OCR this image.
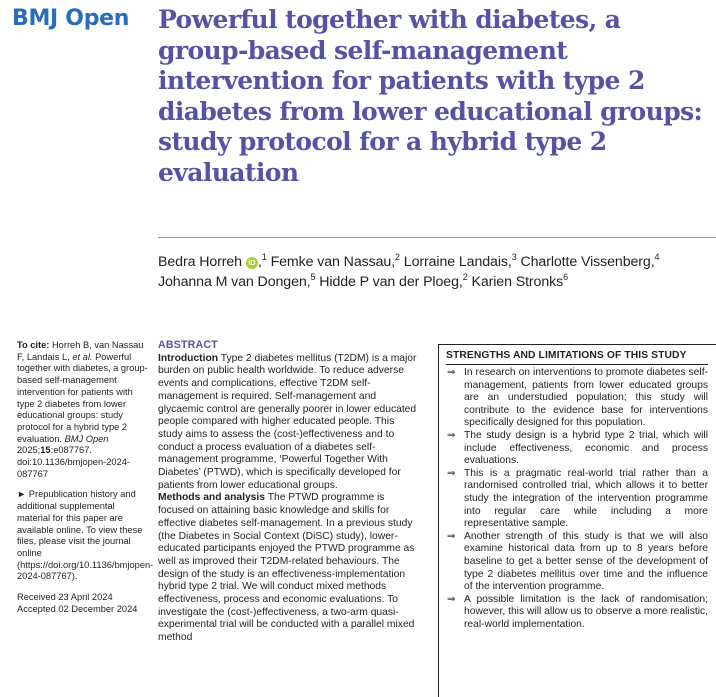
BMJ Open Powerful together with diabetes, a group-based self-management intervention for patients with type 2 diabetes from lower educational groups: study protocol for a hybrid type 2 evaluation
Bedra Horreh iD ,$^1$ Femke van Nassau,$^2$ Lorraine Landais,$^3$ Charlotte Vissenberg,$^4$
Johanna M van Dongen,$^5$ Hidde P van der Ploeg,$^2$ Karien Stronks$^6$

To cite: Horreh B, van Nassau F, Landais L, et al. Powerful together with diabetes, a group-based self-management intervention for patients with type 2 diabetes from lower educational groups: study protocol for a hybrid type 2 evaluation. BMJ Open 2025;15:e087767. doi:10.1136/bmjopen-2024-087767

► Prepublication history and additional supplemental material for this paper are available online. To view these files, please visit the journal online (https://doi.org/10.1136/bmjopen-2024-087767).

Received 23 April 2024
Accepted 02 December 2024
ABSTRACT
Introduction Type 2 diabetes mellitus (T2DM) is a major burden on public health worldwide. To reduce adverse events and complications, effective T2DM self-management is required. Self-management and glycaemic control are generally poorer in lower educated people compared with higher educated people. This study aims to assess the (cost-)effectiveness and to conduct a process evaluation of a diabetes self-management programme, ‘Powerful Together With Diabetes’ (PTWD), which is specifically developed for patients from lower educational groups.
Methods and analysis The PTWD programme is focused on attaining basic knowledge and skills for effective diabetes self-management. In a previous study (the Diabetes in Social Context (DiSC) study), lower-educated participants enjoyed the PTWD programme as well as improved their T2DM-related behaviours. The design of the study is an effectiveness-implementation hybrid type 2 trial. We will conduct mixed methods effectiveness, process and economic evaluations. To investigate the (cost-)effectiveness, a two-arm quasi-experimental trial will be conducted with a parallel mixed method
STRENGTHS AND LIMITATIONS OF THIS STUDY
⇒ In research on interventions to promote diabetes self-management, patients from lower educated groups are an understudied population; this study will contribute to the evidence base for interventions specifically designed for this population.
⇒ The study design is a hybrid type 2 trial, which will include effectiveness, economic and process evaluations.
⇒ This is a pragmatic real-world trial rather than a randomised controlled trial, which allows it to better study the integration of the intervention programme into regular care while including a more representative sample.
⇒ Another strength of this study is that we will also examine historical data from up to 8 years before baseline to get a better sense of the development of type 2 diabetes mellitus over time and the influence of the intervention programme.
⇒ A possible limitation is the lack of randomisation; however, this will allow us to observe a more realistic, real-world implementation.
